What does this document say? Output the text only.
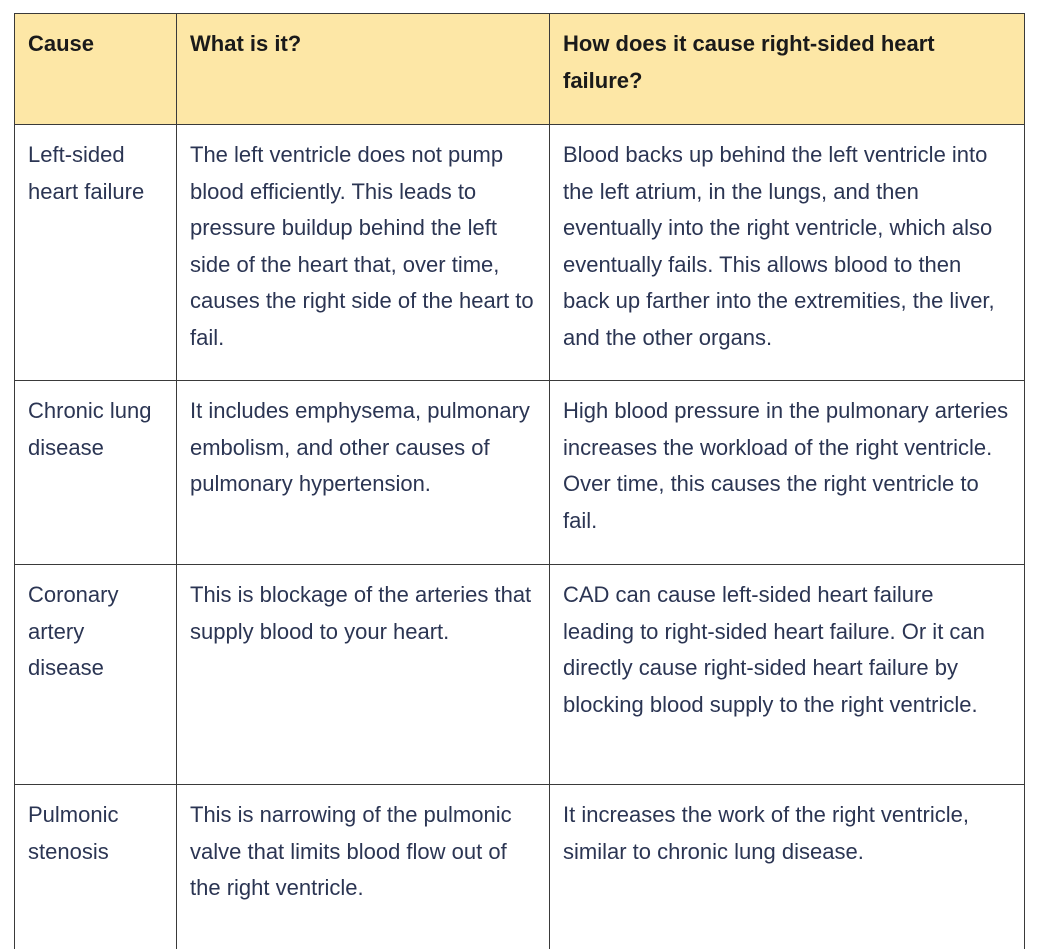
Cause	What is it?	How does it cause right-sided heart failure?
Left-sided heart failure	The left ventricle does not pump blood efficiently. This leads to pressure buildup behind the left side of the heart that, over time, causes the right side of the heart to fail.	Blood backs up behind the left ventricle into the left atrium, in the lungs, and then eventually into the right ventricle, which also eventually fails. This allows blood to then back up farther into the extremities, the liver, and the other organs.
Chronic lung disease	It includes emphysema, pulmonary embolism, and other causes of pulmonary hypertension.	High blood pressure in the pulmonary arteries increases the workload of the right ventricle. Over time, this causes the right ventricle to fail.
Coronary artery disease	This is blockage of the arteries that supply blood to your heart.	CAD can cause left-sided heart failure leading to right-sided heart failure. Or it can directly cause right-sided heart failure by blocking blood supply to the right ventricle.
Pulmonic stenosis	This is narrowing of the pulmonic valve that limits blood flow out of the right ventricle.	It increases the work of the right ventricle, similar to chronic lung disease.
